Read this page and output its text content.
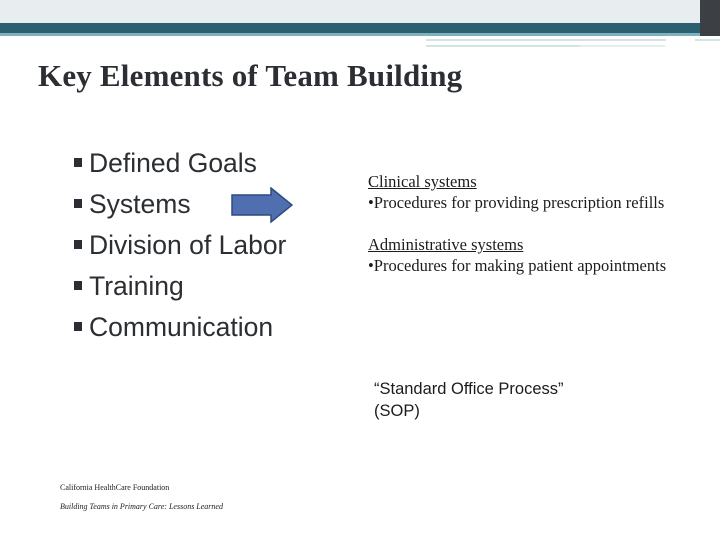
Key Elements of Team Building
Defined Goals
Systems
Division of Labor
Training
Communication
Clinical systems
•Procedures for providing prescription refills
Administrative systems
•Procedures for making patient appointments
“Standard Office Process”
(SOP)
California HealthCare Foundation
Building Teams in Primary Care: Lessons Learned
